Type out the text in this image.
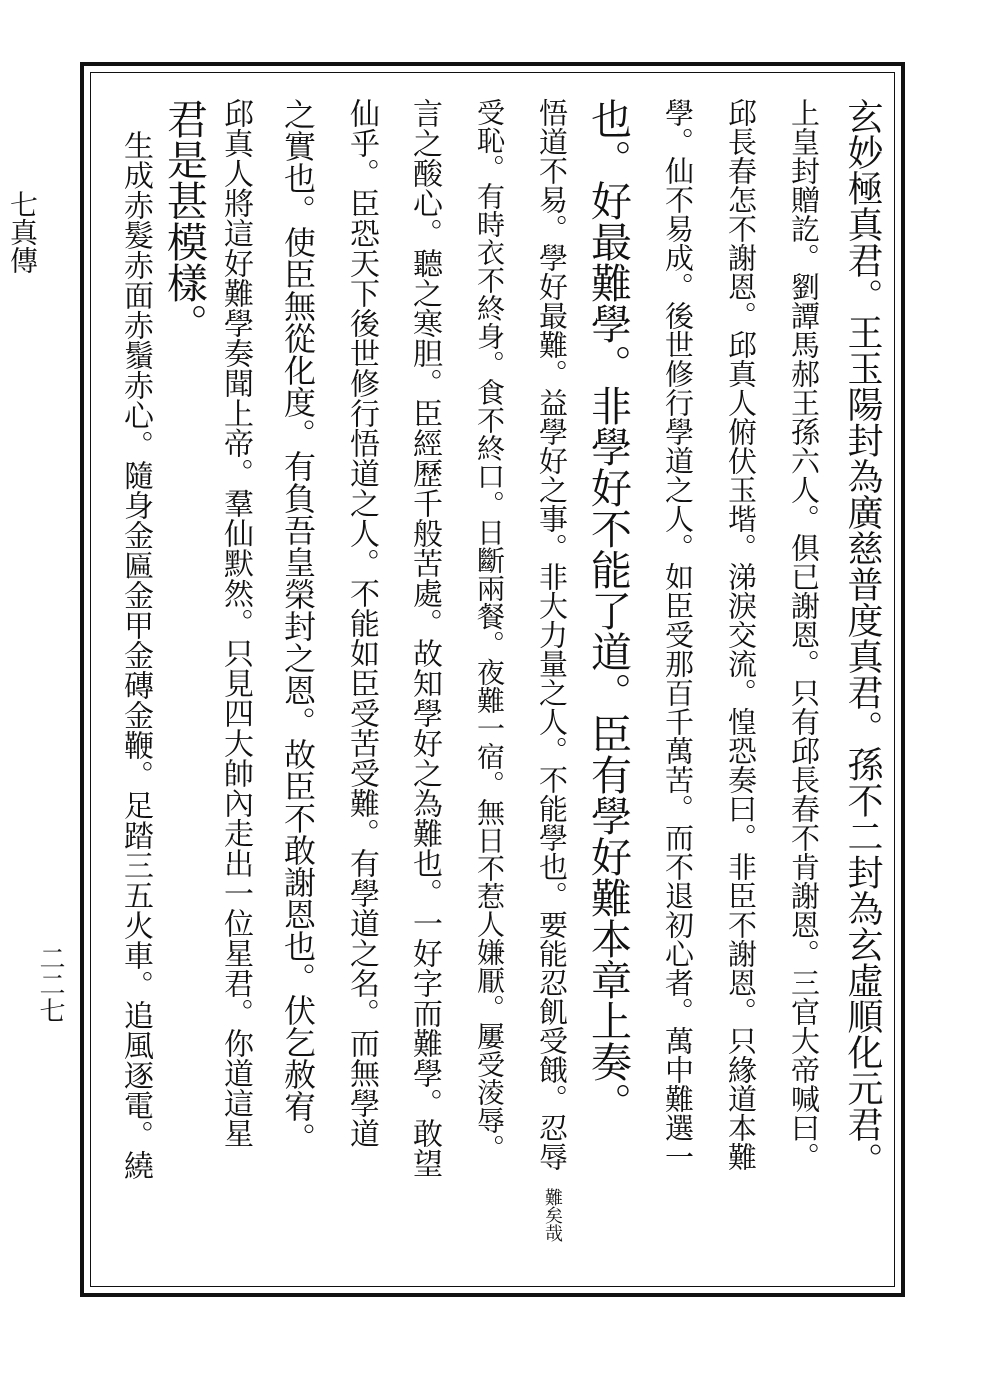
七真傳
二二七	玄妙極真君。王玉陽封為廣慈普度真君。孫不二封為玄虛順化元君。
上皇封贈訖。劉譚馬郝王孫六人。俱已謝恩。只有邱長春不肯謝恩。三官大帝喊曰。
邱長春怎不謝恩。邱真人俯伏玉堦。涕淚交流。惶恐奏曰。非臣不謝恩。只緣道本難
學。仙不易成。後世修行學道之人。如臣受那百千萬苦。而不退初心者。萬中難選一
也。好最難學。非學好不能了道。臣有學好難本章上奏。
悟道不易。學好最難。益學好之事。非大力量之人。不能學也。要能忍飢受餓。忍辱
受恥。有時衣不終身。食不終口。日斷兩餐。夜難一宿。無日不惹人嫌厭。屢受淩辱。
言之酸心。聽之寒胆。臣經歷千般苦處。故知學好之為難也。一好字而難學。敢望
仙乎。臣恐天下後世修行悟道之人。不能如臣受苦受難。有學道之名。而無學道
之實也。使臣無從化度。有負吾皇榮封之恩。故臣不敢謝恩也。伏乞赦宥。
邱真人將這好難學奏聞上帝。羣仙默然。只見四大帥內走出一位星君。你道這星
君是甚模樣。
生成赤髮赤面赤鬚赤心。隨身金匾金甲金磚金鞭。足踏三五火車。追風逐電。繞
難矣哉
